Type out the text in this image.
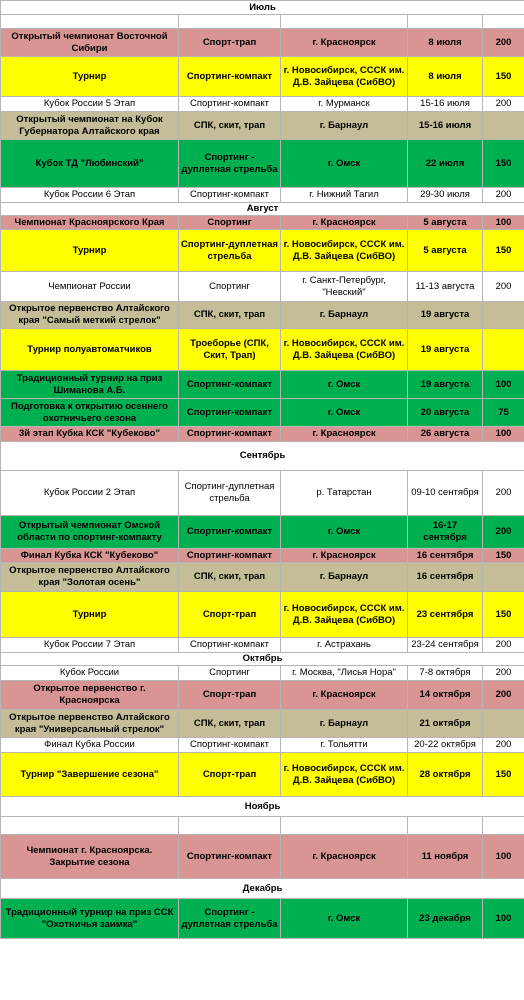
Июль				

Открытый чемпионат Восточной Сибири	Спорт-трап	г. Красноярск	8 июля	200
Турнир	Спортинг-компакт	г. Новосибирск, СССК им. Д.В. Зайцева (СибВО)	8 июля	150
Кубок России 5 Этап	Спортинг-компакт	г. Мурманск	15-16 июля	200
Открытый чемпионат на Кубок Губернатора Алтайского края	СПК, скит, трап	г. Барнаул	15-16 июля	
Кубок ТД "Любинский"	Спортинг - дуплетная стрельба	г. Омск	22 июля	150
Кубок России 6 Этап	Спортинг-компакт	г. Нижний Тагил	29-30 июля	200
Август				
Чемпионат Красноярского Края	Спортинг	г. Красноярск	5 августа	100
Турнир	Спортинг-дуплетная стрельба	г. Новосибирск, СССК им. Д.В. Зайцева (СибВО)	5 августа	150
Чемпионат России	Спортинг	г. Санкт-Петербург, "Невский"	11-13 августа	200
Открытое первенство Алтайского края "Самый меткий стрелок"	СПК, скит, трап	г. Барнаул	19 августа	
Турнир полуавтоматчиков	Троеборье (СПК, Скит, Трап)	г. Новосибирск, СССК им. Д.В. Зайцева (СибВО)	19 августа	
Традиционный турнир на приз Шиманова А.Б.	Спортинг-компакт	г. Омск	19 августа	100
Подготовка к открытию осеннего охотничьего сезона	Спортинг-компакт	г. Омск	20 августа	75
3й этап Кубка КСК "Кубеково"	Спортинг-компакт	г. Красноярск	26 августа	100
Сентябрь				
Кубок России 2 Этап	Спортинг-дуплетная стрельба	р. Татарстан	09-10 сентября	200
Открытый чемпионат Омской области по спортинг-компакту	Спортинг-компакт	г. Омск	16-17 сентября	200
Финал Кубка КСК "Кубеково"	Спортинг-компакт	г. Красноярск	16 сентября	150
Открытое первенство Алтайского края "Золотая осень"	СПК, скит, трап	г. Барнаул	16 сентября	
Турнир	Спорт-трап	г. Новосибирск, СССК им. Д.В. Зайцева (СибВО)	23 сентября	150
Кубок России 7 Этап	Спортинг-компакт	г. Астрахань	23-24 сентября	200
Октябрь				
Кубок России	Спортинг	г. Москва, "Лисья Нора"	7-8 октября	200
Открытое первенство г. Красноярска	Спорт-трап	г. Красноярск	14 октября	200
Открытое первенство Алтайского края "Универсальный стрелок"	СПК, скит, трап	г. Барнаул	21 октября	
Финал Кубка России	Спортинг-компакт	г. Тольятти	20-22 октября	200
Турнир "Завершение сезона"	Спорт-трап	г. Новосибирск, СССК им. Д.В. Зайцева (СибВО)	28 октября	150
Ноябрь				

Чемпионат г. Красноярска. Закрытие сезона	Спортинг-компакт	г. Красноярск	11 ноября	100
Декабрь				
Традиционный турнир на приз ССК "Охотничья заимка"	Спортинг - дуплетная стрельба	г. Омск	23 декабря	100
